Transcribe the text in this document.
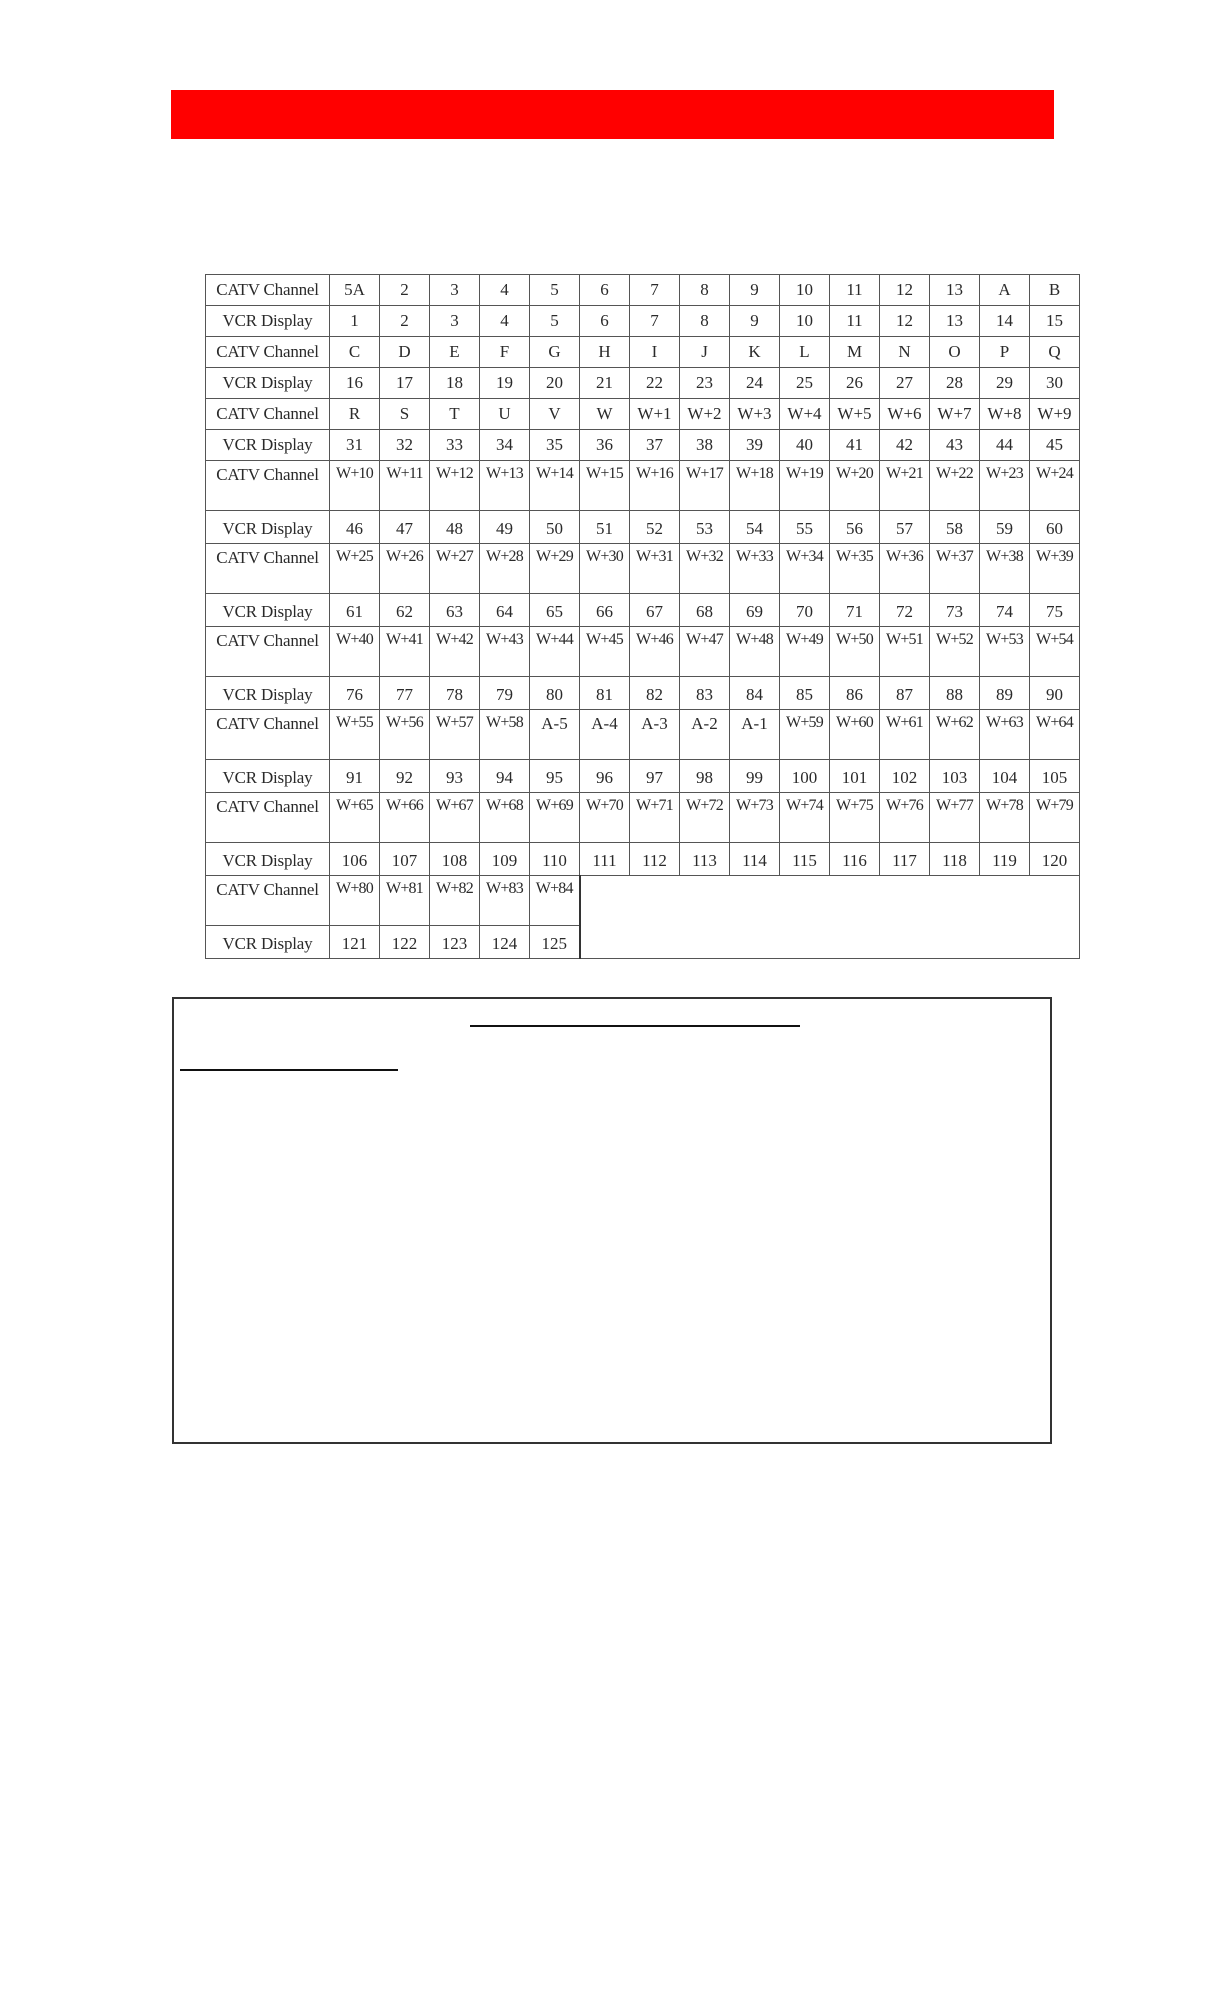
CATV Channel	5A	2	3	4	5	6	7	8	9	10	11	12	13	A	B
VCR Display	1	2	3	4	5	6	7	8	9	10	11	12	13	14	15
CATV Channel	C	D	E	F	G	H	I	J	K	L	M	N	O	P	Q
VCR Display	16	17	18	19	20	21	22	23	24	25	26	27	28	29	30
CATV Channel	R	S	T	U	V	W	W+1	W+2	W+3	W+4	W+5	W+6	W+7	W+8	W+9
VCR Display	31	32	33	34	35	36	37	38	39	40	41	42	43	44	45
CATV Channel	W+10	W+11	W+12	W+13	W+14	W+15	W+16	W+17	W+18	W+19	W+20	W+21	W+22	W+23	W+24
VCR Display	46	47	48	49	50	51	52	53	54	55	56	57	58	59	60
CATV Channel	W+25	W+26	W+27	W+28	W+29	W+30	W+31	W+32	W+33	W+34	W+35	W+36	W+37	W+38	W+39
VCR Display	61	62	63	64	65	66	67	68	69	70	71	72	73	74	75
CATV Channel	W+40	W+41	W+42	W+43	W+44	W+45	W+46	W+47	W+48	W+49	W+50	W+51	W+52	W+53	W+54
VCR Display	76	77	78	79	80	81	82	83	84	85	86	87	88	89	90
CATV Channel	W+55	W+56	W+57	W+58	A-5	A-4	A-3	A-2	A-1	W+59	W+60	W+61	W+62	W+63	W+64
VCR Display	91	92	93	94	95	96	97	98	99	100	101	102	103	104	105
CATV Channel	W+65	W+66	W+67	W+68	W+69	W+70	W+71	W+72	W+73	W+74	W+75	W+76	W+77	W+78	W+79
VCR Display	106	107	108	109	110	111	112	113	114	115	116	117	118	119	120
CATV Channel	W+80	W+81	W+82	W+83	W+84										
VCR Display	121	122	123	124	125										
